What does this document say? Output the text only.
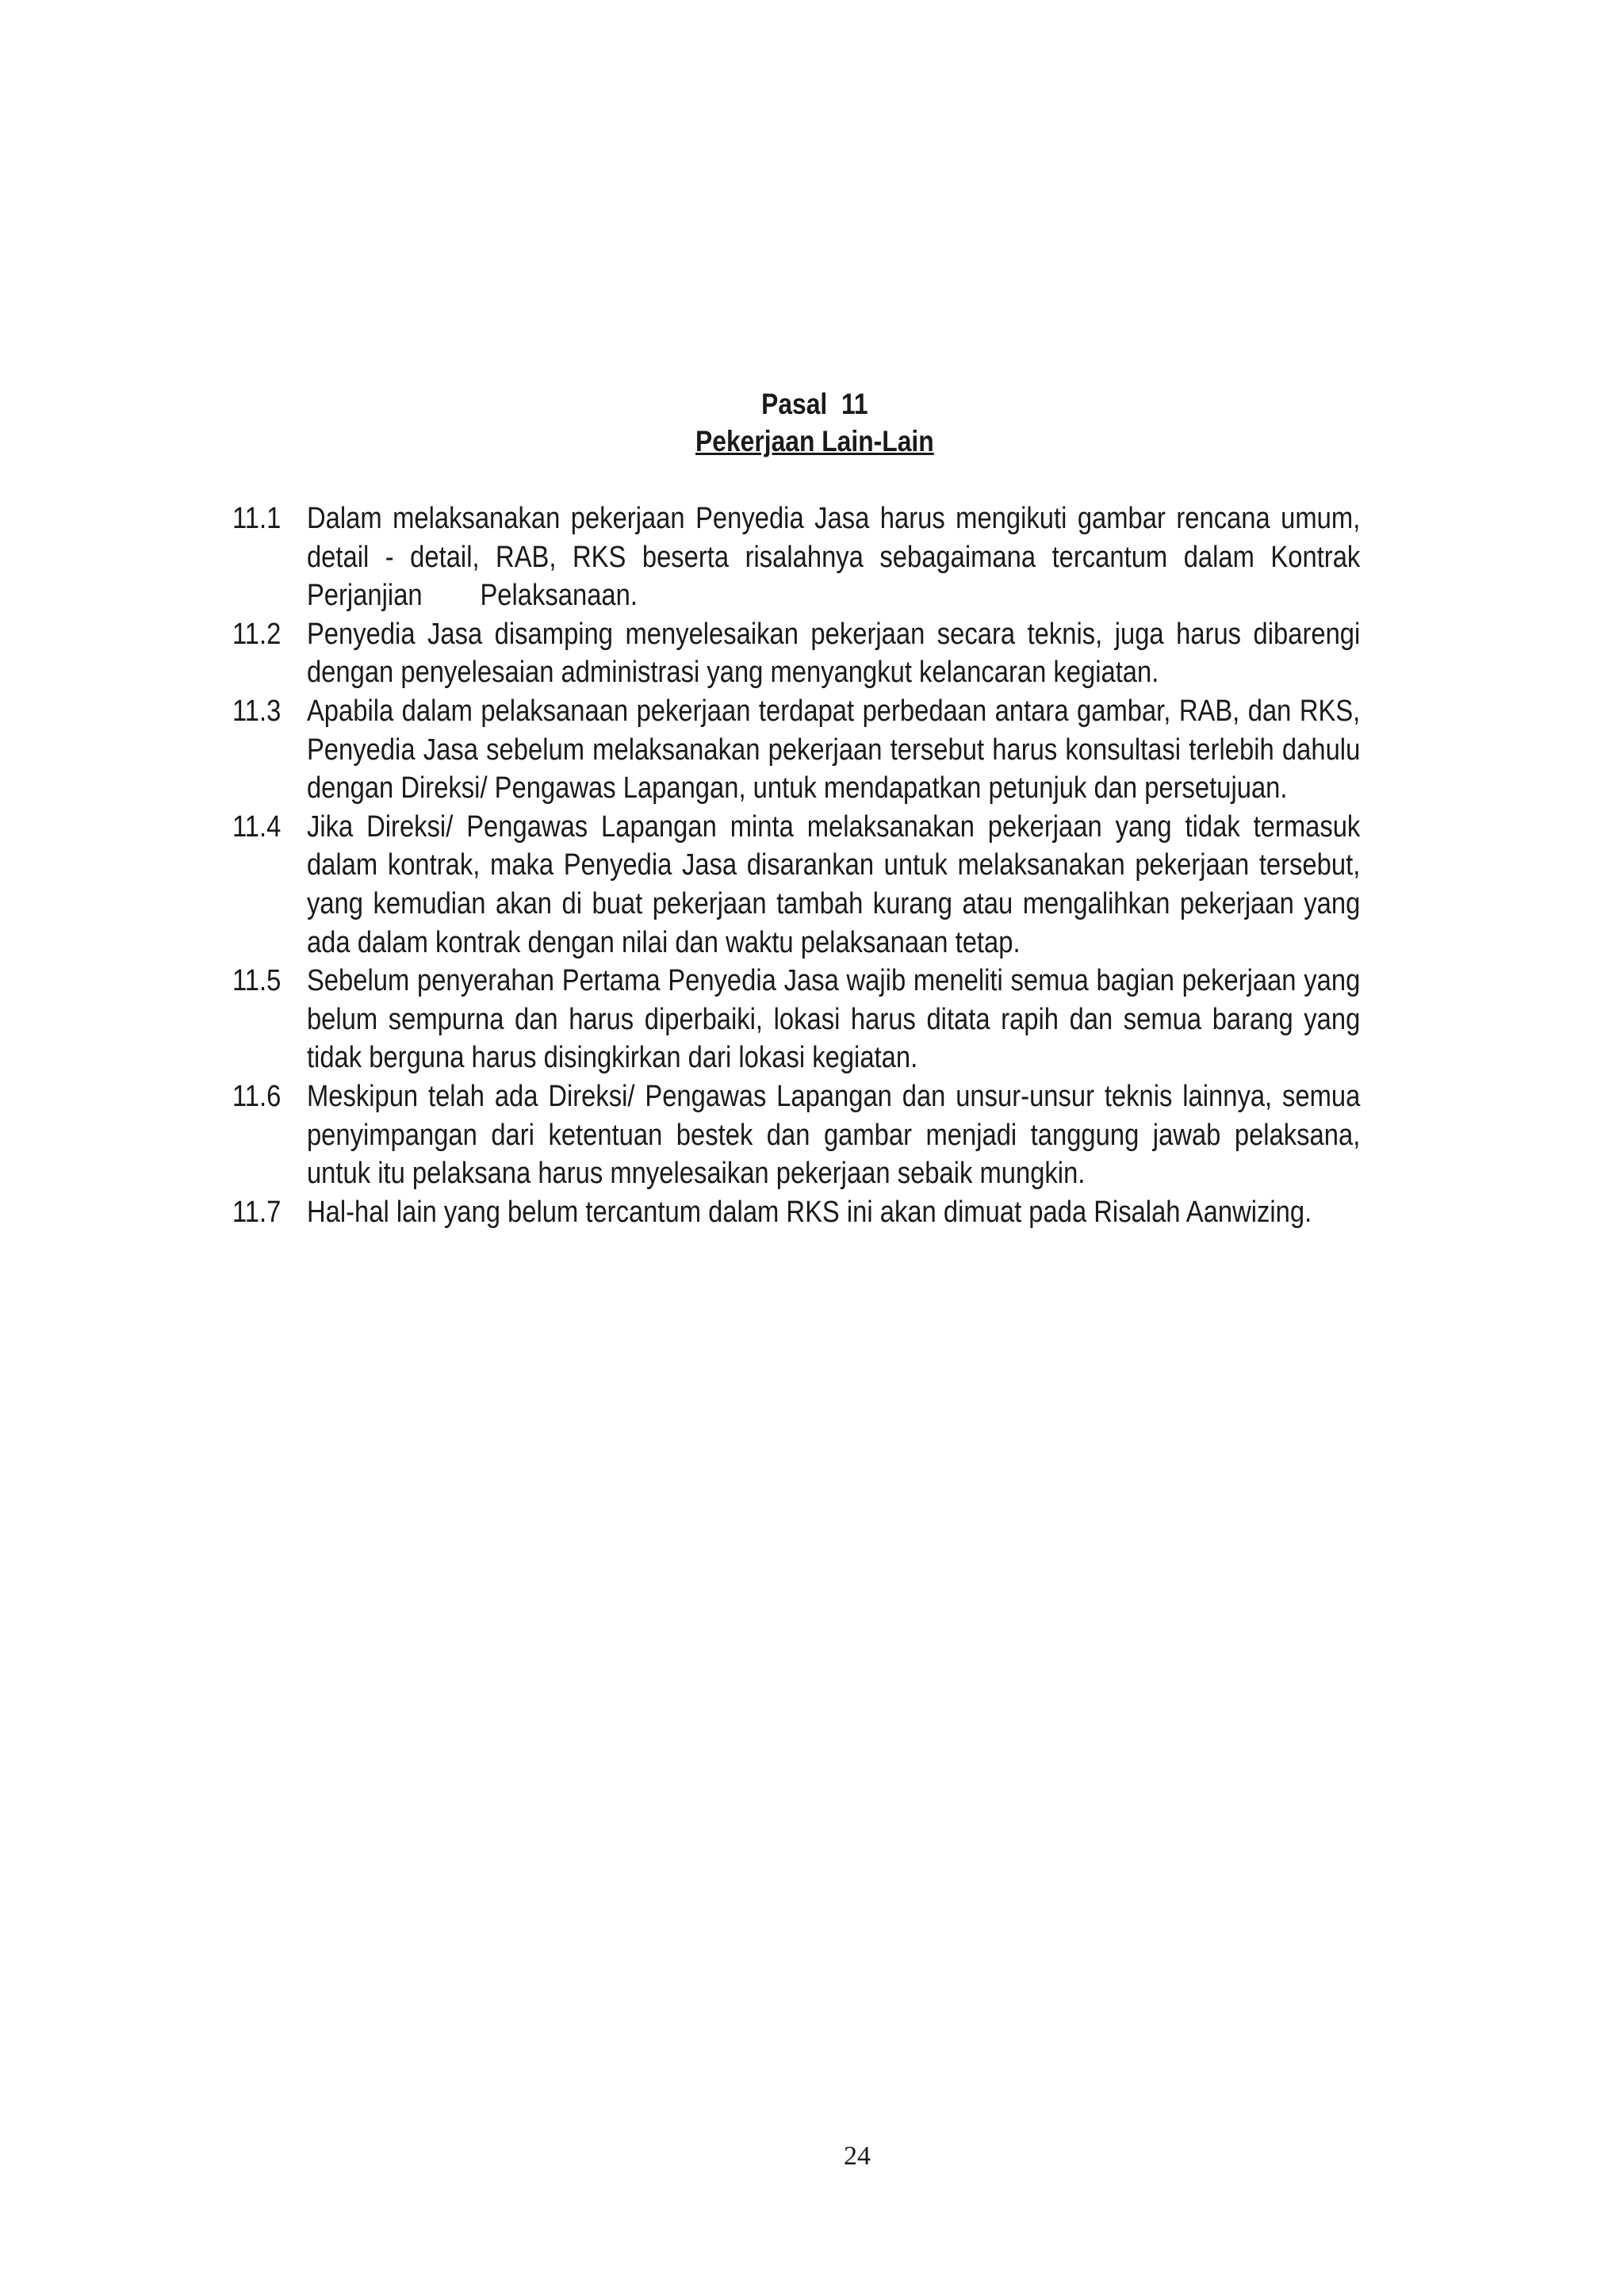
Pasal  11
Pekerjaan Lain-Lain
11.1 Dalam melaksanakan pekerjaan Penyedia Jasa harus mengikuti gambar rencana umum, detail - detail, RAB, RKS beserta risalahnya sebagaimana tercantum dalam Kontrak Perjanjian        Pelaksanaan.
11.2 Penyedia Jasa disamping menyelesaikan pekerjaan secara teknis, juga harus dibarengi dengan penyelesaian administrasi yang menyangkut kelancaran kegiatan.
11.3 Apabila dalam pelaksanaan pekerjaan terdapat perbedaan antara gambar, RAB, dan RKS, Penyedia Jasa sebelum melaksanakan pekerjaan tersebut harus konsultasi terlebih dahulu dengan Direksi/ Pengawas Lapangan, untuk mendapatkan petunjuk dan persetujuan.
11.4 Jika Direksi/ Pengawas Lapangan minta melaksanakan pekerjaan yang tidak termasuk dalam kontrak, maka Penyedia Jasa disarankan untuk melaksanakan pekerjaan tersebut, yang kemudian akan di buat pekerjaan tambah kurang atau mengalihkan pekerjaan yang ada dalam kontrak dengan nilai dan waktu pelaksanaan tetap.
11.5 Sebelum penyerahan Pertama Penyedia Jasa wajib meneliti semua bagian pekerjaan yang belum sempurna dan harus diperbaiki, lokasi harus ditata rapih dan semua barang yang tidak berguna harus disingkirkan dari lokasi kegiatan.
11.6 Meskipun telah ada Direksi/ Pengawas Lapangan dan unsur-unsur teknis lainnya, semua penyimpangan dari ketentuan bestek dan gambar menjadi tanggung jawab pelaksana, untuk itu pelaksana harus mnyelesaikan pekerjaan sebaik mungkin.
11.7 Hal-hal lain yang belum tercantum dalam RKS ini akan dimuat pada Risalah Aanwizing.
24
